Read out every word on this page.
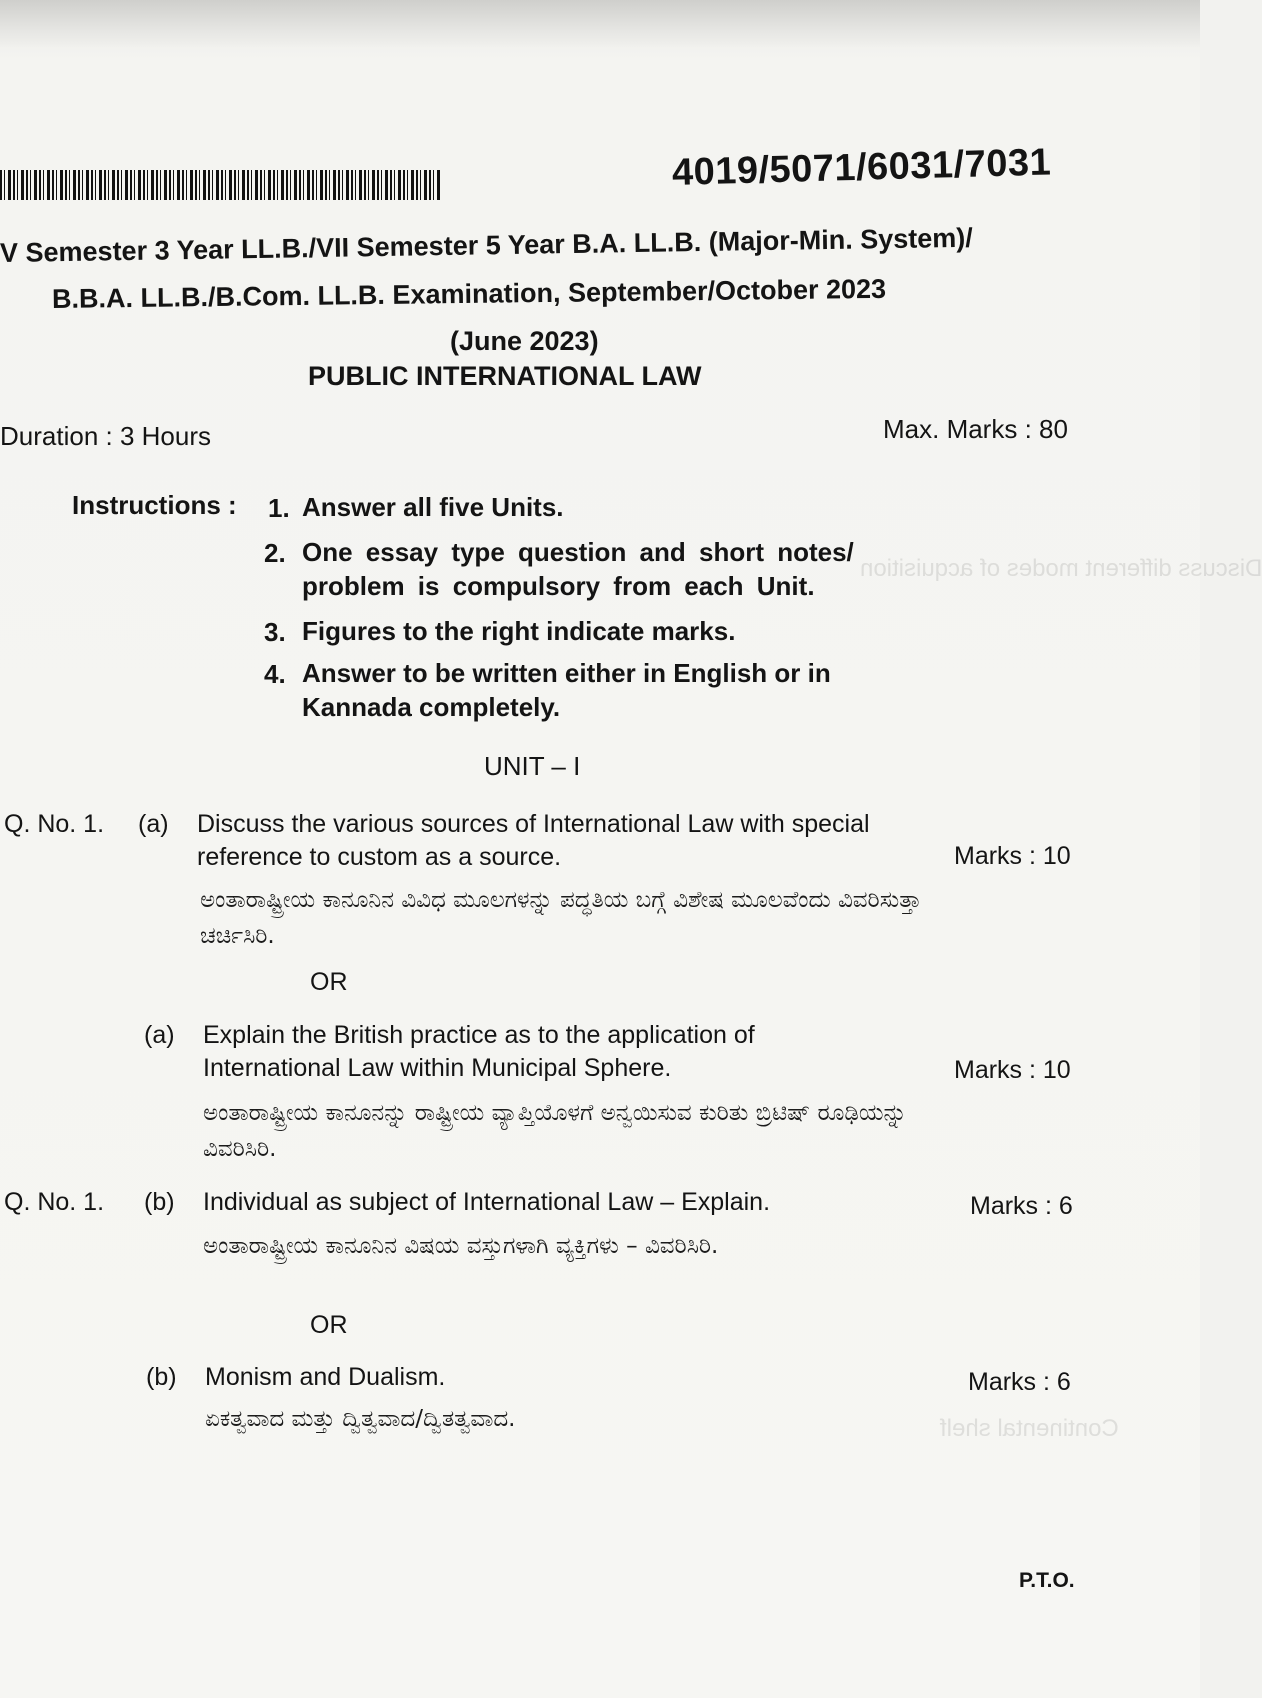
Continental shelf
Discuss different modes of acquisition
4019/5071/6031/7031
V Semester 3 Year LL.B./VII Semester 5 Year B.A. LL.B. (Major-Min. System)/
B.B.A. LL.B./B.Com. LL.B. Examination, September/October 2023
(June 2023)
PUBLIC INTERNATIONAL LAW
Duration : 3 Hours	Max. Marks : 80
Instructions : 1. Answer all five Units.
2. One essay type question and short notes/ problem is compulsory from each Unit.
3. Figures to the right indicate marks.
4. Answer to be written either in English or in Kannada completely.
UNIT – I
Q. No. 1. (a) Discuss the various sources of International Law with special reference to custom as a source.	Marks : 10
ಅಂತಾರಾಷ್ಟ್ರೀಯ ಕಾನೂನಿನ ವಿವಿಧ ಮೂಲಗಳನ್ನು ಪದ್ಧತಿಯ ಬಗ್ಗೆ ವಿಶೇಷ ಮೂಲವೆಂದು ವಿವರಿಸುತ್ತಾ ಚರ್ಚಿಸಿರಿ.
OR
(a) Explain the British practice as to the application of International Law within Municipal Sphere.	Marks : 10
ಅಂತಾರಾಷ್ಟ್ರೀಯ ಕಾನೂನನ್ನು ರಾಷ್ಟ್ರೀಯ ವ್ಯಾಪ್ತಿಯೊಳಗೆ ಅನ್ವಯಿಸುವ ಕುರಿತು ಬ್ರಿಟಿಷ್ ರೂಢಿಯನ್ನು ವಿವರಿಸಿರಿ.
Q. No. 1. (b) Individual as subject of International Law – Explain.	Marks : 6
ಅಂತಾರಾಷ್ಟ್ರೀಯ ಕಾನೂನಿನ ವಿಷಯ ವಸ್ತುಗಳಾಗಿ ವ್ಯಕ್ತಿಗಳು – ವಿವರಿಸಿರಿ.
OR
(b) Monism and Dualism.	Marks : 6
ಏಕತ್ವವಾದ ಮತ್ತು ದ್ವಿತ್ವವಾದ/ದ್ವಿತತ್ವವಾದ.
P.T.O.
